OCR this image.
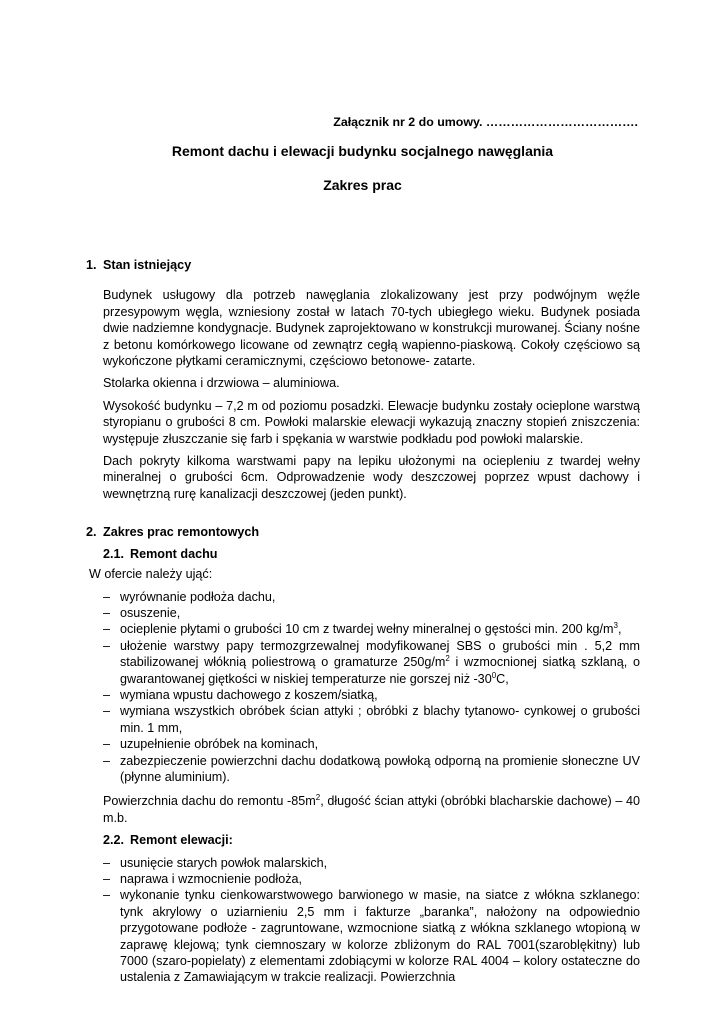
Załącznik nr 2 do umowy. ……………………………….
Remont dachu i elewacji budynku socjalnego nawęglania
Zakres prac
1. Stan istniejący

Budynek usługowy dla potrzeb nawęglania zlokalizowany jest przy podwójnym węźle przesypowym węgla, wzniesiony został w latach 70-tych ubiegłego wieku. Budynek posiada dwie nadziemne kondygnacje. Budynek zaprojektowano w konstrukcji murowanej. Ściany nośne z betonu komórkowego licowane od zewnątrz cegłą wapienno-piaskową. Cokoły częściowo są wykończone płytkami ceramicznymi, częściowo betonowe- zatarte.

Stolarka okienna i drzwiowa – aluminiowa.

Wysokość budynku – 7,2 m od poziomu posadzki. Elewacje budynku zostały ocieplone warstwą styropianu o grubości 8 cm. Powłoki malarskie elewacji wykazują znaczny stopień zniszczenia: występuje złuszczanie się farb i spękania w warstwie podkładu pod powłoki malarskie.

Dach pokryty kilkoma warstwami papy na lepiku ułożonymi na ociepleniu z twardej wełny mineralnej o grubości 6cm. Odprowadzenie wody deszczowej poprzez wpust dachowy i wewnętrzną rurę kanalizacji deszczowej (jeden punkt).

2. Zakres prac remontowych
2.1. Remont dachu

W ofercie należy ująć:

– wyrównanie podłoża dachu,
– osuszenie,
– ocieplenie płytami o grubości 10 cm z twardej wełny mineralnej o gęstości min. 200 $kg/m^3$,
– ułożenie warstwy papy termozgrzewalnej modyfikowanej SBS o grubości min . 5,2 mm stabilizowanej włóknią poliestrową o gramaturze $250g/m^2$ i wzmocnionej siatką szklaną, o gwarantowanej giętkości w niskiej temperaturze nie gorszej niż $-30^0C$,
– wymiana wpustu dachowego z koszem/siatką,
– wymiana wszystkich obróbek ścian attyki ; obróbki z blachy tytanowo- cynkowej o grubości min. 1 mm,
– uzupełnienie obróbek na kominach,
– zabezpieczenie powierzchni dachu dodatkową powłoką odporną na promienie słoneczne UV (płynne aluminium).

Powierzchnia dachu do remontu $-85m^2$, długość ścian attyki (obróbki blacharskie dachowe) – 40 m.b.

2.2. Remont elewacji:
– usunięcie starych powłok malarskich,
– naprawa i wzmocnienie podłoża,
– wykonanie tynku cienkowarstwowego barwionego w masie, na siatce z włókna szklanego: tynk akrylowy o uziarnieniu 2,5 mm i fakturze „baranka”, nałożony na odpowiednio przygotowane podłoże - zagruntowane, wzmocnione siatką z włókna szklanego wtopioną w zaprawę klejową; tynk ciemnoszary w kolorze zbliżonym do RAL 7001(szaroblękitny) lub 7000 (szaro-popielaty) z elementami zdobiącymi w kolorze RAL 4004 – kolory ostateczne do ustalenia z Zamawiającym w trakcie realizacji. Powierzchnia
